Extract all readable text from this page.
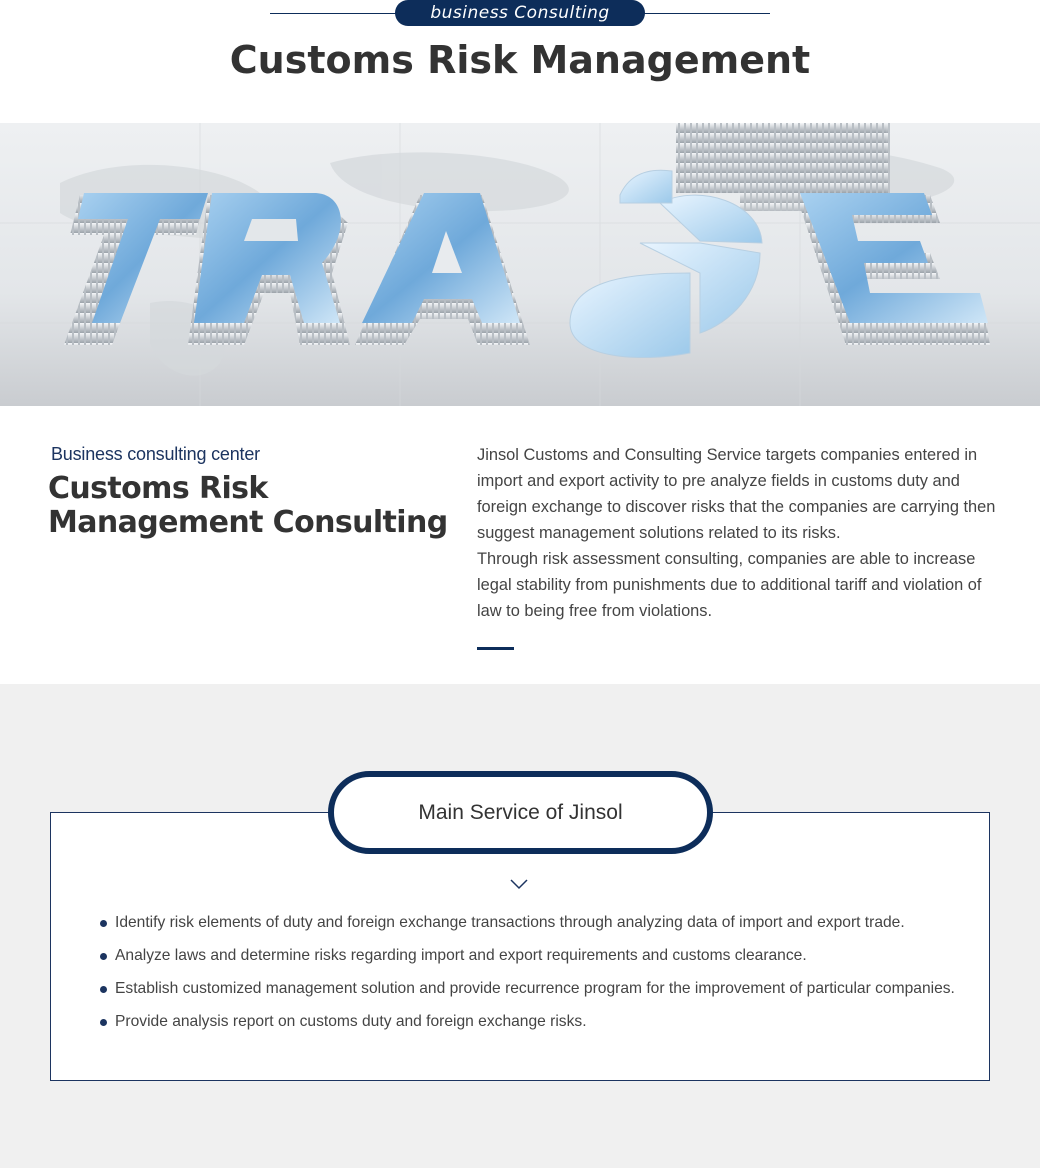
business Consulting
Customs Risk Management
Business consulting center
Customs Risk
Management Consulting

Jinsol Customs and Consulting Service targets companies entered in import and export activity to pre analyze fields in customs duty and foreign exchange to discover risks that the companies are carrying then suggest management solutions related to its risks.

Through risk assessment consulting, companies are able to increase legal stability from punishments due to additional tariff and violation of law to being free from violations.

Main Service of Jinsol
Identify risk elements of duty and foreign exchange transactions through analyzing data of import and export trade.
Analyze laws and determine risks regarding import and export requirements and customs clearance.
Establish customized management solution and provide recurrence program for the improvement of particular companies.
Provide analysis report on customs duty and foreign exchange risks.
